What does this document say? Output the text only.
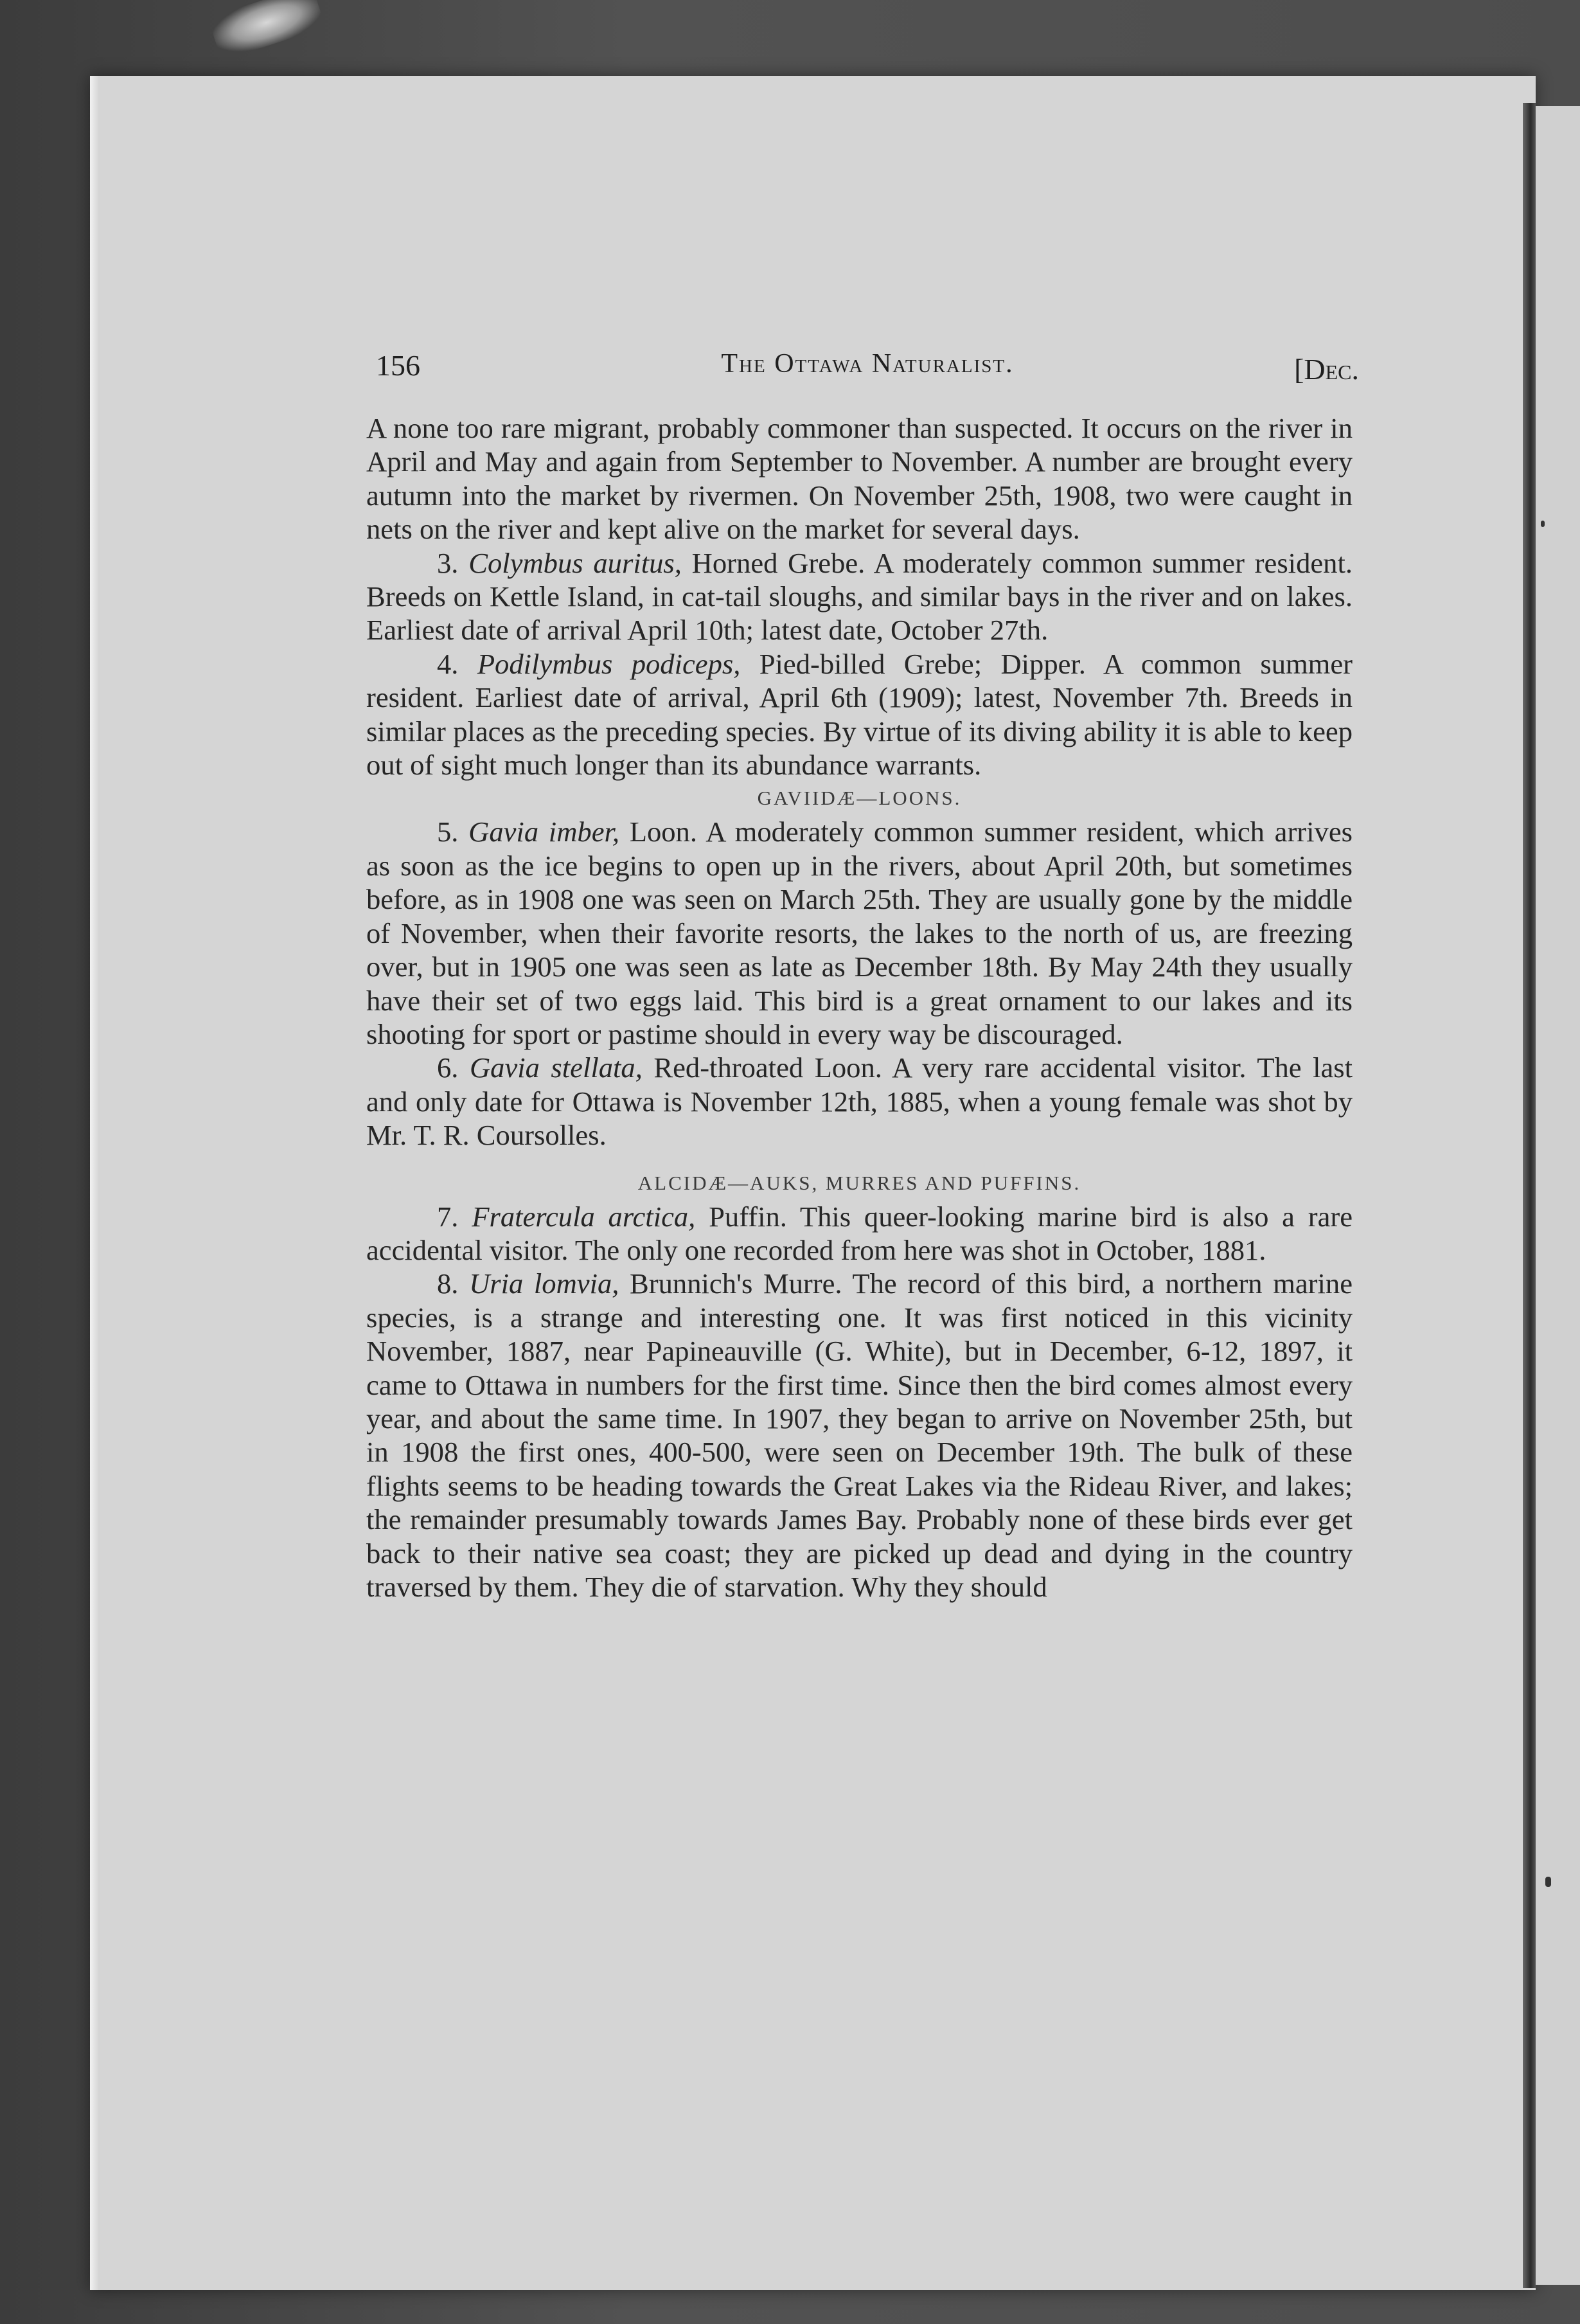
156	The Ottawa Naturalist.	[Dec.

A none too rare migrant, probably commoner than suspected. It occurs on the river in April and May and again from September to November. A number are brought every autumn into the market by rivermen. On November 25th, 1908, two were caught in nets on the river and kept alive on the market for several days.

3. Colymbus auritus, Horned Grebe. A moderately common summer resident. Breeds on Kettle Island, in cat-tail sloughs, and similar bays in the river and on lakes. Earliest date of arrival April 10th; latest date, October 27th.

4. Podilymbus podiceps, Pied-billed Grebe; Dipper. A common summer resident. Earliest date of arrival, April 6th (1909); latest, November 7th. Breeds in similar places as the preceding species. By virtue of its diving ability it is able to keep out of sight much longer than its abundance warrants.

GAVIIDÆ—LOONS.

5. Gavia imber, Loon. A moderately common summer resident, which arrives as soon as the ice begins to open up in the rivers, about April 20th, but sometimes before, as in 1908 one was seen on March 25th. They are usually gone by the middle of November, when their favorite resorts, the lakes to the north of us, are freezing over, but in 1905 one was seen as late as December 18th. By May 24th they usually have their set of two eggs laid. This bird is a great ornament to our lakes and its shooting for sport or pastime should in every way be discouraged.

6. Gavia stellata, Red-throated Loon. A very rare accidental visitor. The last and only date for Ottawa is November 12th, 1885, when a young female was shot by Mr. T. R. Coursolles.

ALCIDÆ—AUKS, MURRES AND PUFFINS.

7. Fratercula arctica, Puffin. This queer-looking marine bird is also a rare accidental visitor. The only one recorded from here was shot in October, 1881.

8. Uria lomvia, Brunnich's Murre. The record of this bird, a northern marine species, is a strange and interesting one. It was first noticed in this vicinity November, 1887, near Papineauville (G. White), but in December, 6-12, 1897, it came to Ottawa in numbers for the first time. Since then the bird comes almost every year, and about the same time. In 1907, they began to arrive on November 25th, but in 1908 the first ones, 400-500, were seen on December 19th. The bulk of these flights seems to be heading towards the Great Lakes via the Rideau River, and lakes; the remainder presumably towards James Bay. Probably none of these birds ever get back to their native sea coast; they are picked up dead and dying in the country traversed by them. They die of starvation. Why they should
